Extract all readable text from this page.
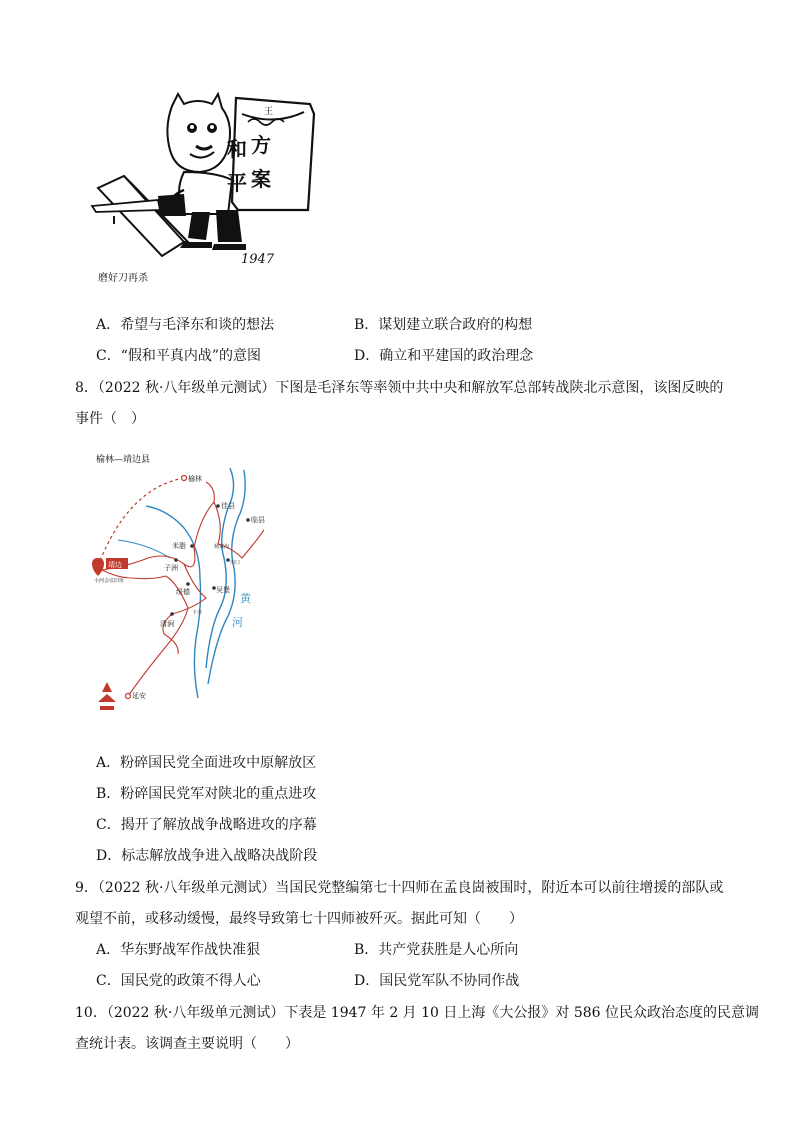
王
方
和
案
平
1947
磨好刀再杀
A．希望与毛泽东和谈的想法	B．谋划建立联合政府的构想
C．“假和平真内战”的意图	D．确立和平建国的政治理念
8．（2022 秋·八年级单元测试）下图是毛泽东等率领中共中央和解放军总部转战陕北示意图，该图反映的
事件（　）
榆林
延安
靖边
小河会议旧址
佳县
临县
米脂
子洲
绥德	吴堡
清涧
川口
杨家沟
下寺
黄
河
榆林—靖边县
A．粉碎国民党全面进攻中原解放区
B．粉碎国民党军对陕北的重点进攻
C．揭开了解放战争战略进攻的序幕
D．标志解放战争进入战略决战阶段
9．（2022 秋·八年级单元测试）当国民党整编第七十四师在孟良崮被围时，附近本可以前往增援的部队或
观望不前，或移动缓慢，最终导致第七十四师被歼灭。据此可知（　　）
A．华东野战军作战快准狠	B．共产党获胜是人心所向
C．国民党的政策不得人心	D．国民党军队不协同作战
10．（2022 秋·八年级单元测试）下表是 1947 年 2 月 10 日上海《大公报》对 586 位民众政治态度的民意调
查统计表。该调查主要说明（　　）
